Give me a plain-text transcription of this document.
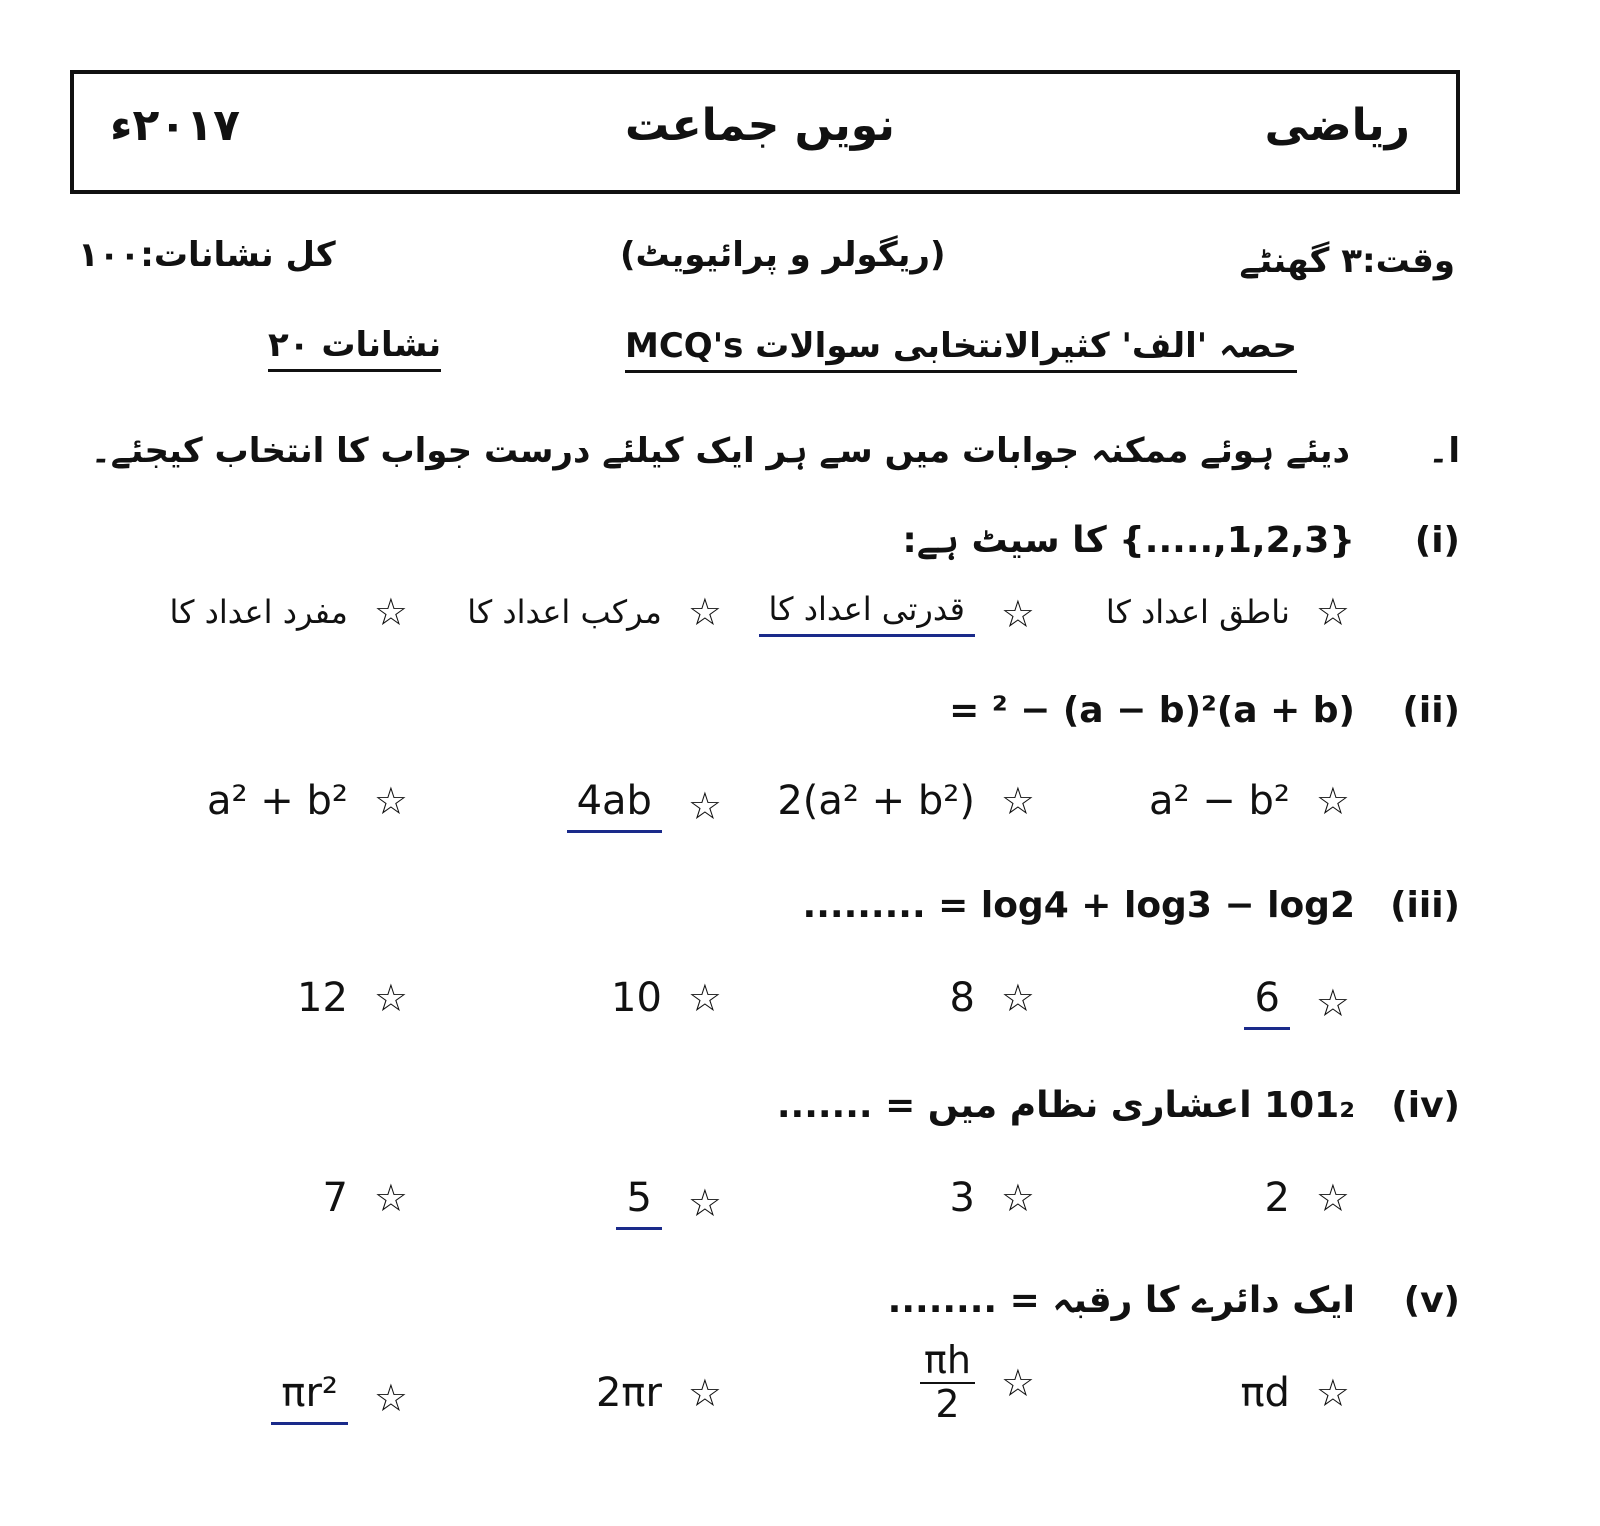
ریاضی
نویں جماعت
۲۰۱۷ء
وقت:۳ گھنٹے
(ریگولر و پرائیویٹ)
کل نشانات:۱۰۰
حصہ 'الف' کثیرالانتخابی سوالات MCQ's
نشانات ۲۰
ا۔
دیئے ہوئے ممکنہ جوابات میں سے ہر ایک کیلئے درست جواب کا انتخاب کیجئے۔
(i)
{1,2,3,.....} کا سیٹ ہے:
ناطق اعداد کا ☆
قدرتی اعداد کا ☆
مرکب اعداد کا ☆
مفرد اعداد کا ☆
(ii)
(a + b)² − (a − b)² =
a² − b² ☆
2(a² + b²) ☆
4ab ☆
a² + b² ☆
(iii)
log4 + log3 − log2 = .........
6 ☆
8 ☆
10 ☆
12 ☆
(iv)
101₂ اعشاری نظام میں = .......
2 ☆
3 ☆
5 ☆
7 ☆
(v)
ایک دائرے کا رقبہ = ........
πd ☆
$\frac{\pi h}{2}$ ☆
2πr ☆
πr² ☆
